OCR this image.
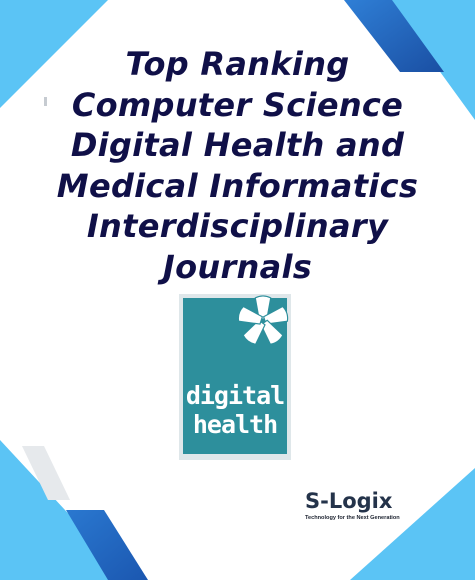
Top Ranking
Computer Science
Digital Health and
Medical Informatics
Interdisciplinary
Journals
digital
health
S-Logix
Technology for the Next Generation
